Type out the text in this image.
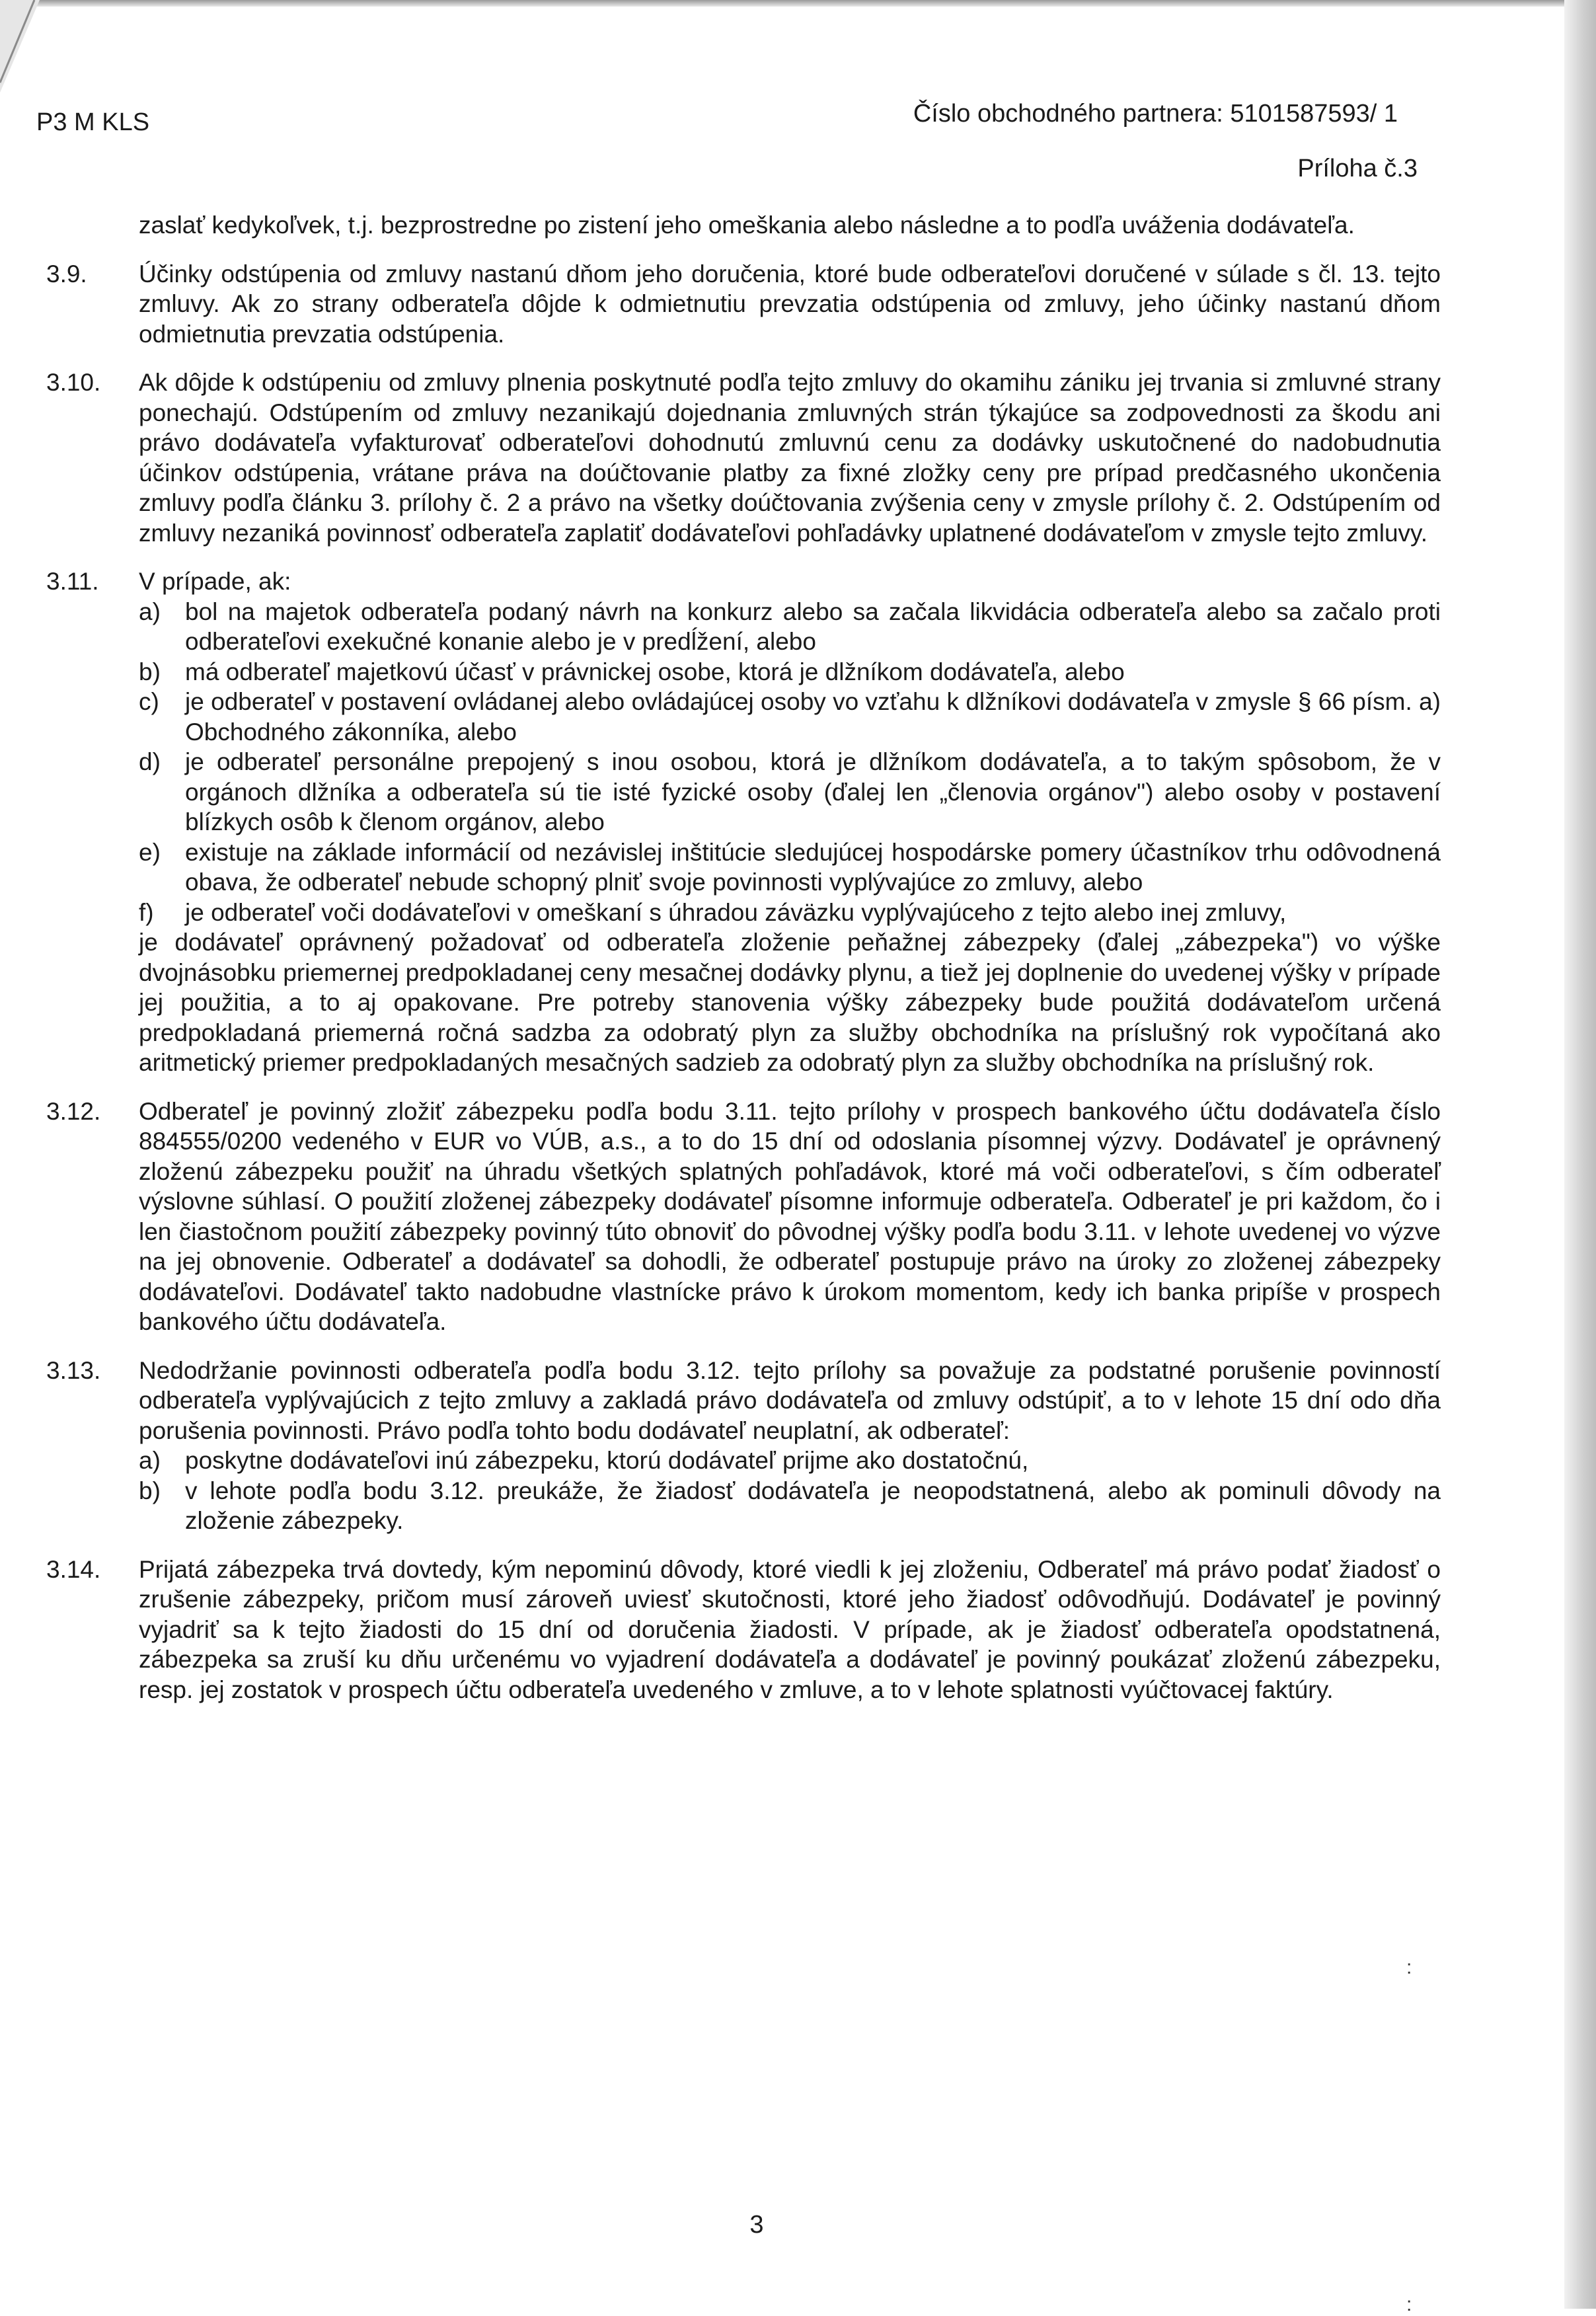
P3 M KLS	Číslo obchodného partnera: 5101587593/ 1
Príloha č.3
zaslať kedykoľvek, t.j. bezprostredne po zistení jeho omeškania alebo následne a to podľa uváženia dodávateľa.
3.9.	Účinky odstúpenia od zmluvy nastanú dňom jeho doručenia, ktoré bude odberateľovi doručené v súlade s čl. 13. tejto zmluvy. Ak zo strany odberateľa dôjde k odmietnutiu prevzatia odstúpenia od zmluvy, jeho účinky nastanú dňom odmietnutia prevzatia odstúpenia.

3.10.	Ak dôjde k odstúpeniu od zmluvy plnenia poskytnuté podľa tejto zmluvy do okamihu zániku jej trvania si zmluvné strany ponechajú. Odstúpením od zmluvy nezanikajú dojednania zmluvných strán týkajúce sa zodpovednosti za škodu ani právo dodávateľa vyfakturovať odberateľovi dohodnutú zmluvnú cenu za dodávky uskutočnené do nadobudnutia účinkov odstúpenia, vrátane práva na doúčtovanie platby za fixné zložky ceny pre prípad predčasného ukončenia zmluvy podľa článku 3. prílohy č. 2 a právo na všetky doúčtovania zvýšenia ceny v zmysle prílohy č. 2. Odstúpením od zmluvy nezaniká povinnosť odberateľa zaplatiť dodávateľovi pohľadávky uplatnené dodávateľom v zmysle tejto zmluvy.

3.11.	V prípade, ak:

a)	bol na majetok odberateľa podaný návrh na konkurz alebo sa začala likvidácia odberateľa alebo sa začalo proti odberateľovi exekučné konanie alebo je v predĺžení, alebo
b)	má odberateľ majetkovú účasť v právnickej osobe, ktorá je dlžníkom dodávateľa, alebo
c)	je odberateľ v postavení ovládanej alebo ovládajúcej osoby vo vzťahu k dlžníkovi dodávateľa v zmysle § 66 písm. a) Obchodného zákonníka, alebo
d)	je odberateľ personálne prepojený s inou osobou, ktorá je dlžníkom dodávateľa, a to takým spôsobom, že v orgánoch dlžníka a odberateľa sú tie isté fyzické osoby (ďalej len „členovia orgánov") alebo osoby v postavení blízkych osôb k členom orgánov, alebo
e)	existuje na základe informácií od nezávislej inštitúcie sledujúcej hospodárske pomery účastníkov trhu odôvodnená obava, že odberateľ nebude schopný plniť svoje povinnosti vyplývajúce zo zmluvy, alebo
f)	je odberateľ voči dodávateľovi v omeškaní s úhradou záväzku vyplývajúceho z tejto alebo inej zmluvy,

je dodávateľ oprávnený požadovať od odberateľa zloženie peňažnej zábezpeky (ďalej „zábezpeka") vo výške dvojnásobku priemernej predpokladanej ceny mesačnej dodávky plynu, a tiež jej doplnenie do uvedenej výšky v prípade jej použitia, a to aj opakovane. Pre potreby stanovenia výšky zábezpeky bude použitá dodávateľom určená predpokladaná priemerná ročná sadzba za odobratý plyn za služby obchodníka na príslušný rok vypočítaná ako aritmetický priemer predpokladaných mesačných sadzieb za odobratý plyn za služby obchodníka na príslušný rok.

3.12.	Odberateľ je povinný zložiť zábezpeku podľa bodu 3.11. tejto prílohy v prospech bankového účtu dodávateľa číslo 884555/0200 vedeného v EUR vo VÚB, a.s., a to do 15 dní od odoslania písomnej výzvy. Dodávateľ je oprávnený zloženú zábezpeku použiť na úhradu všetkých splatných pohľadávok, ktoré má voči odberateľovi, s čím odberateľ výslovne súhlasí. O použití zloženej zábezpeky dodávateľ písomne informuje odberateľa. Odberateľ je pri každom, čo i len čiastočnom použití zábezpeky povinný túto obnoviť do pôvodnej výšky podľa bodu 3.11. v lehote uvedenej vo výzve na jej obnovenie. Odberateľ a dodávateľ sa dohodli, že odberateľ postupuje právo na úroky zo zloženej zábezpeky dodávateľovi. Dodávateľ takto nadobudne vlastnícke právo k úrokom momentom, kedy ich banka pripíše v prospech bankového účtu dodávateľa.

3.13.	Nedodržanie povinnosti odberateľa podľa bodu 3.12. tejto prílohy sa považuje za podstatné porušenie povinností odberateľa vyplývajúcich z tejto zmluvy a zakladá právo dodávateľa od zmluvy odstúpiť, a to v lehote 15 dní odo dňa porušenia povinnosti. Právo podľa tohto bodu dodávateľ neuplatní, ak odberateľ:

a)	poskytne dodávateľovi inú zábezpeku, ktorú dodávateľ prijme ako dostatočnú,
b)	v lehote podľa bodu 3.12. preukáže, že žiadosť dodávateľa je neopodstatnená, alebo ak pominuli dôvody na zloženie zábezpeky.
3.14.	Prijatá zábezpeka trvá dovtedy, kým nepominú dôvody, ktoré viedli k jej zloženiu, Odberateľ má právo podať žiadosť o zrušenie zábezpeky, pričom musí zároveň uviesť skutočnosti, ktoré jeho žiadosť odôvodňujú. Dodávateľ je povinný vyjadriť sa k tejto žiadosti do 15 dní od doručenia žiadosti. V prípade, ak je žiadosť odberateľa opodstatnená, zábezpeka sa zruší ku dňu určenému vo vyjadrení dodávateľa a dodávateľ je povinný poukázať zloženú zábezpeku, resp. jej zostatok v prospech účtu odberateľa uvedeného v zmluve, a to v lehote splatnosti vyúčtovacej faktúry.

:
:
3
